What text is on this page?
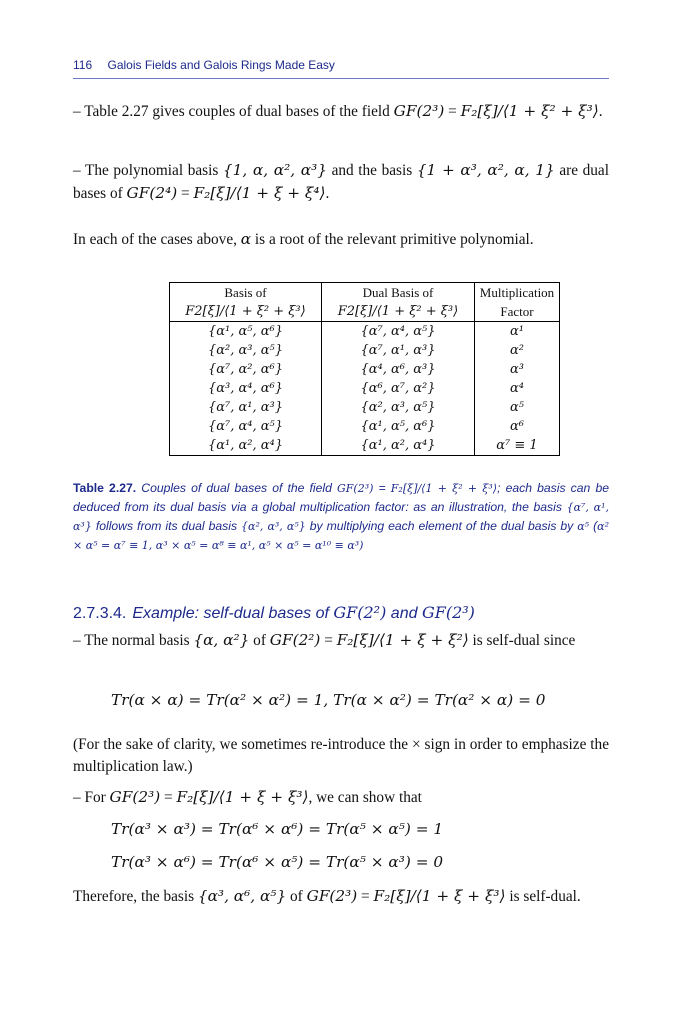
116 Galois Fields and Galois Rings Made Easy
– Table 2.27 gives couples of dual bases of the field GF(2³) = F₂[ξ]/⟨1 + ξ² + ξ³⟩.
– The polynomial basis {1, α, α², α³} and the basis {1 + α³, α², α, 1} are dual bases of GF(2⁴) = F₂[ξ]/⟨1 + ξ + ξ⁴⟩.
In each of the cases above, α is a root of the relevant primitive polynomial.
Basis of	Dual Basis of	Multiplication
F2[ξ]/⟨1 + ξ² + ξ³⟩	F2[ξ]/⟨1 + ξ² + ξ³⟩	Factor
{α¹, α⁵, α⁶}	{α⁷, α⁴, α⁵}	α¹
{α², α³, α⁵}	{α⁷, α¹, α³}	α²
{α⁷, α², α⁶}	{α⁴, α⁶, α³}	α³
{α³, α⁴, α⁶}	{α⁶, α⁷, α²}	α⁴
{α⁷, α¹, α³}	{α², α³, α⁵}	α⁵
{α⁷, α⁴, α⁵}	{α¹, α⁵, α⁶}	α⁶
{α¹, α², α⁴}	{α¹, α², α⁴}	α⁷ ≡ 1
Table 2.27. Couples of dual bases of the field GF(2³) = F₂[ξ]/⟨1 + ξ² + ξ³⟩; each basis can be deduced from its dual basis via a global multiplication factor: as an illustration, the basis {α⁷, α¹, α³} follows from its dual basis {α², α³, α⁵} by multiplying each element of the dual basis by α⁵ (α² × α⁵ = α⁷ ≡ 1, α³ × α⁵ = α⁸ ≡ α¹, α⁵ × α⁵ = α¹⁰ ≡ α³)
2.7.3.4. Example: self-dual bases of GF(2²) and GF(2³)
– The normal basis {α, α²} of GF(2²) = F₂[ξ]/⟨1 + ξ + ξ²⟩ is self-dual since
Tr(α × α) = Tr(α² × α²) = 1, Tr(α × α²) = Tr(α² × α) = 0
(For the sake of clarity, we sometimes re-introduce the × sign in order to emphasize the multiplication law.)
– For GF(2³) = F₂[ξ]/⟨1 + ξ + ξ³⟩, we can show that
Tr(α³ × α³) = Tr(α⁶ × α⁶) = Tr(α⁵ × α⁵) = 1
Tr(α³ × α⁶) = Tr(α⁶ × α⁵) = Tr(α⁵ × α³) = 0
Therefore, the basis {α³, α⁶, α⁵} of GF(2³) = F₂[ξ]/⟨1 + ξ + ξ³⟩ is self-dual.
